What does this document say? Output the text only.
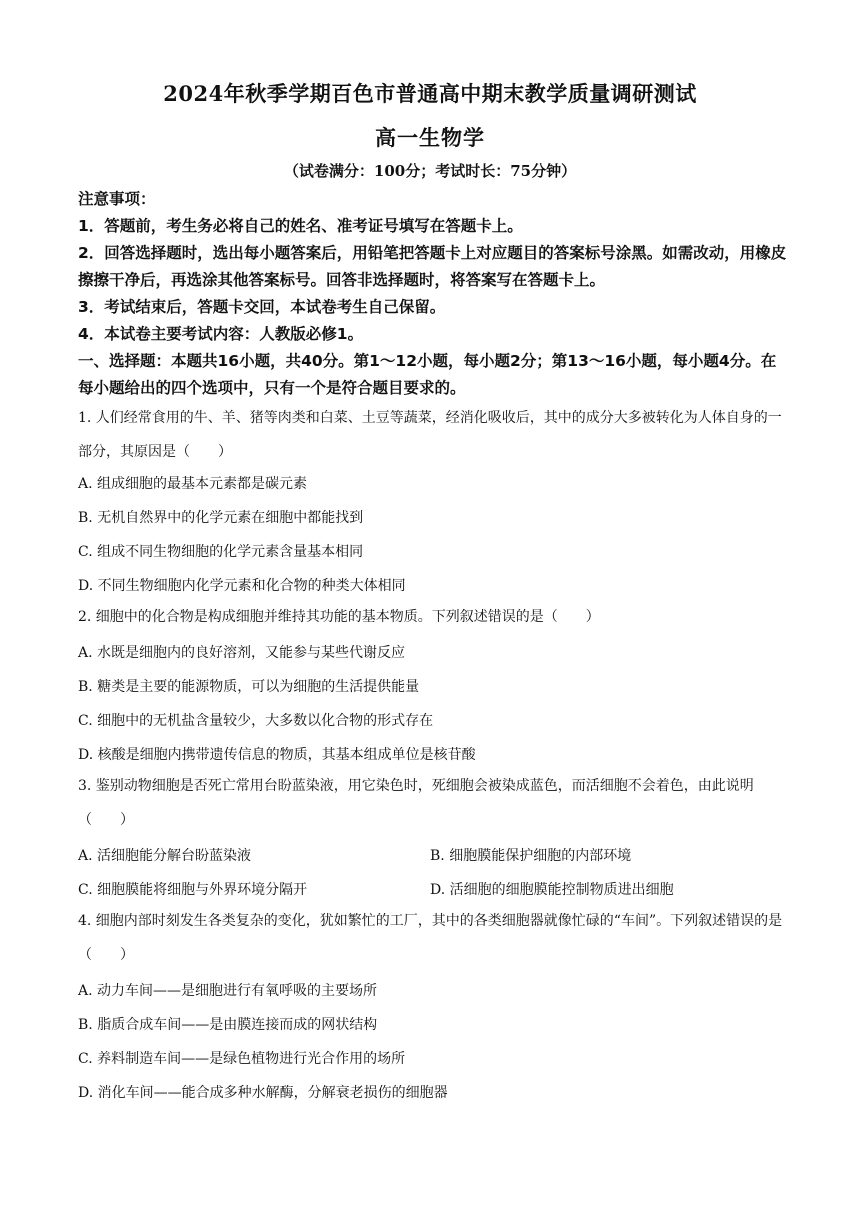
2024年秋季学期百色市普通高中期末教学质量调研测试
高一生物学
（试卷满分：100分；考试时长：75分钟）
注意事项：
1．答题前，考生务必将自己的姓名、准考证号填写在答题卡上。
2．回答选择题时，选出每小题答案后，用铅笔把答题卡上对应题目的答案标号涂黑。如需改动，用橡皮擦擦干净后，再选涂其他答案标号。回答非选择题时，将答案写在答题卡上。
3．考试结束后，答题卡交回，本试卷考生自己保留。
4．本试卷主要考试内容：人教版必修1。
一、选择题：本题共16小题，共40分。第1～12小题，每小题2分；第13～16小题，每小题4分。在每小题给出的四个选项中，只有一个是符合题目要求的。
1. 人们经常食用的牛、羊、猪等肉类和白菜、土豆等蔬菜，经消化吸收后，其中的成分大多被转化为人体自身的一部分，其原因是（　　）
A. 组成细胞的最基本元素都是碳元素
B. 无机自然界中的化学元素在细胞中都能找到
C. 组成不同生物细胞的化学元素含量基本相同
D. 不同生物细胞内化学元素和化合物的种类大体相同
2. 细胞中的化合物是构成细胞并维持其功能的基本物质。下列叙述错误的是（　　）
A. 水既是细胞内的良好溶剂，又能参与某些代谢反应
B. 糖类是主要的能源物质，可以为细胞的生活提供能量
C. 细胞中的无机盐含量较少，大多数以化合物的形式存在
D. 核酸是细胞内携带遗传信息的物质，其基本组成单位是核苷酸
3. 鉴别动物细胞是否死亡常用台盼蓝染液，用它染色时，死细胞会被染成蓝色，而活细胞不会着色，由此说明（　　）
A. 活细胞能分解台盼蓝染液	B. 细胞膜能保护细胞的内部环境
C. 细胞膜能将细胞与外界环境分隔开	D. 活细胞的细胞膜能控制物质进出细胞
4. 细胞内部时刻发生各类复杂的变化，犹如繁忙的工厂，其中的各类细胞器就像忙碌的“车间”。下列叙述错误的是（　　）
A. 动力车间——是细胞进行有氧呼吸的主要场所
B. 脂质合成车间——是由膜连接而成的网状结构
C. 养料制造车间——是绿色植物进行光合作用的场所
D. 消化车间——能合成多种水解酶，分解衰老损伤的细胞器
